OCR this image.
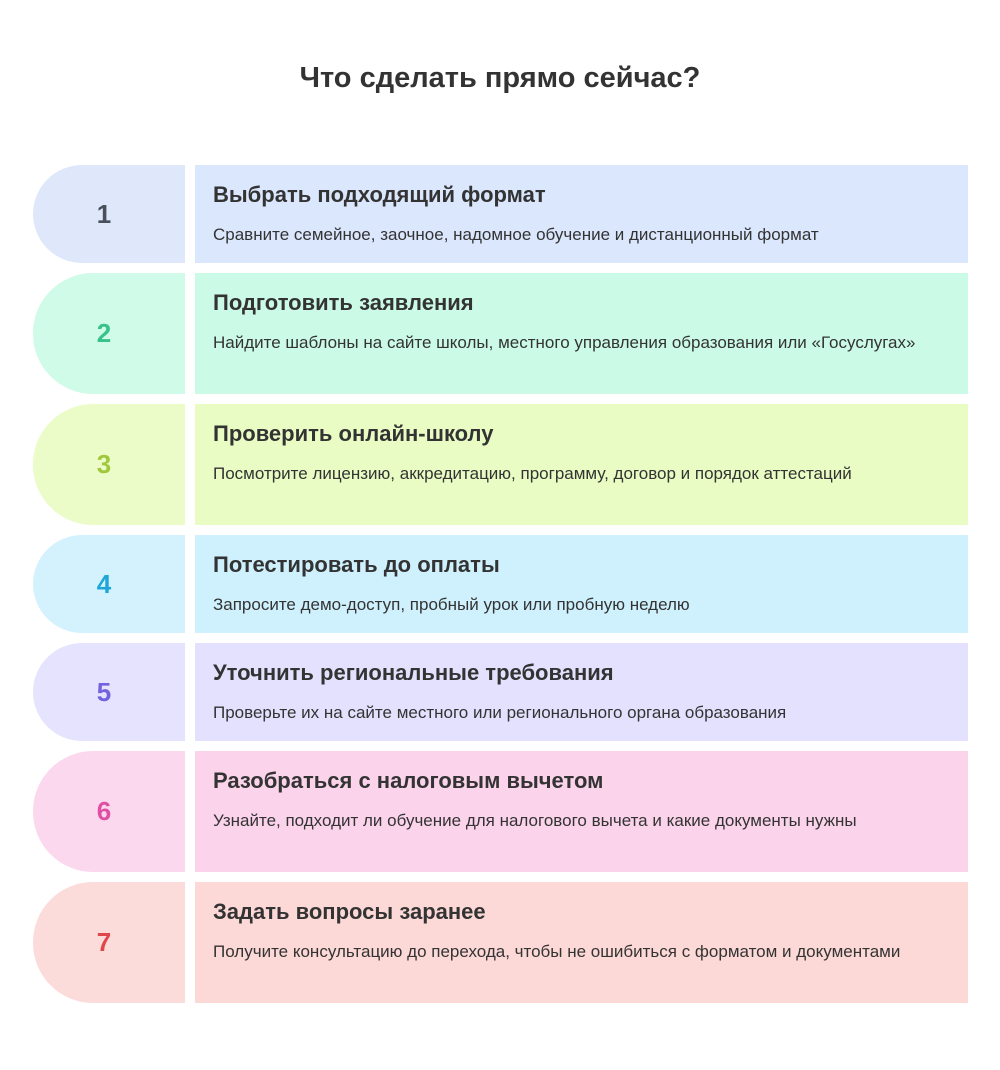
Что сделать прямо сейчас?
1

Выбрать подходящий формат

Сравните семейное, заочное, надомное обучение и дистанционный формат

2

Подготовить заявления

Найдите шаблоны на сайте школы, местного управления образования или «Госуслугах»

3

Проверить онлайн-школу

Посмотрите лицензию, аккредитацию, программу, договор и порядок аттестаций

4

Потестировать до оплаты

Запросите демо-доступ, пробный урок или пробную неделю

5

Уточнить региональные требования

Проверьте их на сайте местного или регионального органа образования

6

Разобраться с налоговым вычетом

Узнайте, подходит ли обучение для налогового вычета и какие документы нужны

7

Задать вопросы заранее

Получите консультацию до перехода, чтобы не ошибиться с форматом и документами
